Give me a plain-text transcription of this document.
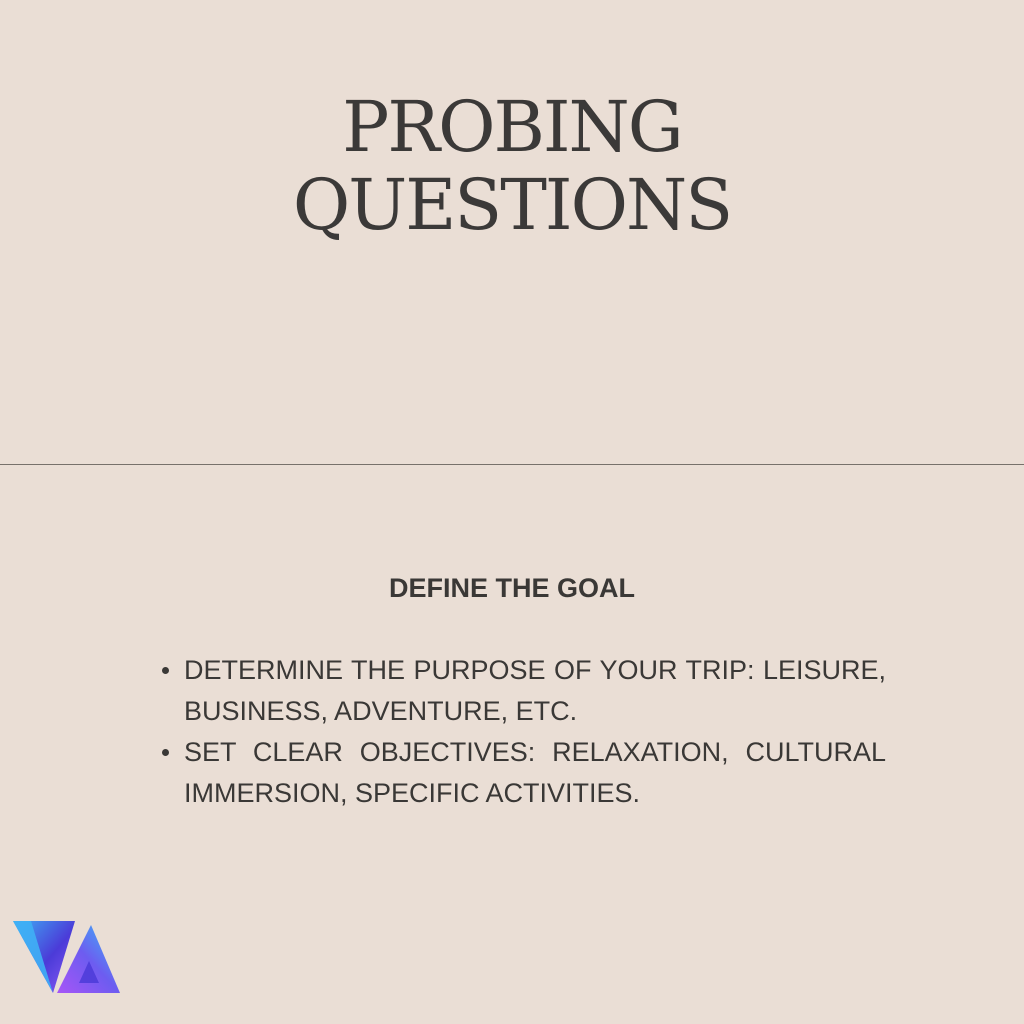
PROBING
QUESTIONS
DEFINE THE GOAL
DETERMINE THE PURPOSE OF YOUR TRIP: LEISURE, BUSINESS, ADVENTURE, ETC.
SET CLEAR OBJECTIVES: RELAXATION, CULTURAL IMMERSION, SPECIFIC ACTIVITIES.
